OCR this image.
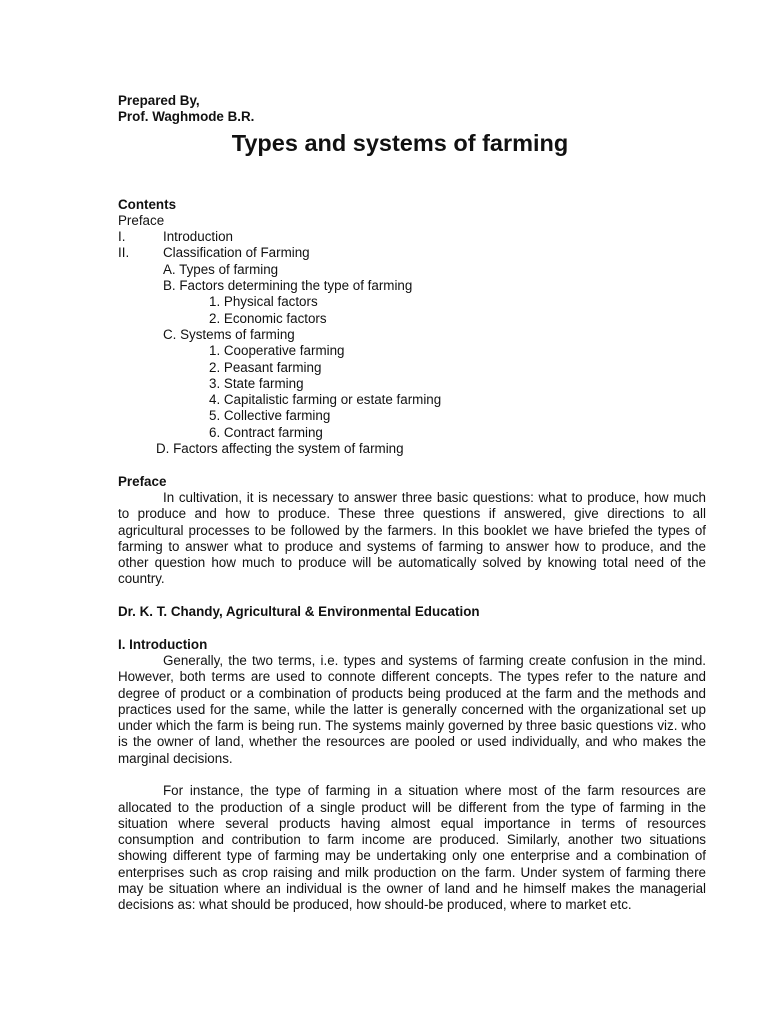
Types and systems of farming
Prepared By,
Prof. Waghmode B.R.
Contents
Preface
I.	Introduction
II.	Classification of Farming
A. Types of farming
B. Factors determining the type of farming
1. Physical factors
2. Economic factors
C. Systems of farming
1. Cooperative farming
2. Peasant farming
3. State farming
4. Capitalistic farming or estate farming
5. Collective farming
6. Contract farming
D. Factors affecting the system of farming
Preface

In cultivation, it is necessary to answer three basic questions: what to produce, how much to produce and how to produce. These three questions if answered, give directions to all agricultural processes to be followed by the farmers. In this booklet we have briefed the types of farming to answer what to produce and systems of farming to answer how to produce, and the other question how much to produce will be automatically solved by knowing total need of the country.

Dr. K. T. Chandy, Agricultural & Environmental Education
I. Introduction

Generally, the two terms, i.e. types and systems of farming create confusion in the mind. However, both terms are used to connote different concepts. The types refer to the nature and degree of product or a combination of products being produced at the farm and the methods and practices used for the same, while the latter is generally concerned with the organizational set up under which the farm is being run. The systems mainly governed by three basic questions viz. who is the owner of land, whether the resources are pooled or used individually, and who makes the marginal decisions.

For instance, the type of farming in a situation where most of the farm resources are allocated to the production of a single product will be different from the type of farming in the situation where several products having almost equal importance in terms of resources consumption and contribution to farm income are produced. Similarly, another two situations showing different type of farming may be undertaking only one enterprise and a combination of enterprises such as crop raising and milk production on the farm. Under system of farming there may be situation where an individual is the owner of land and he himself makes the managerial decisions as: what should be produced, how should-be produced, where to market etc.
